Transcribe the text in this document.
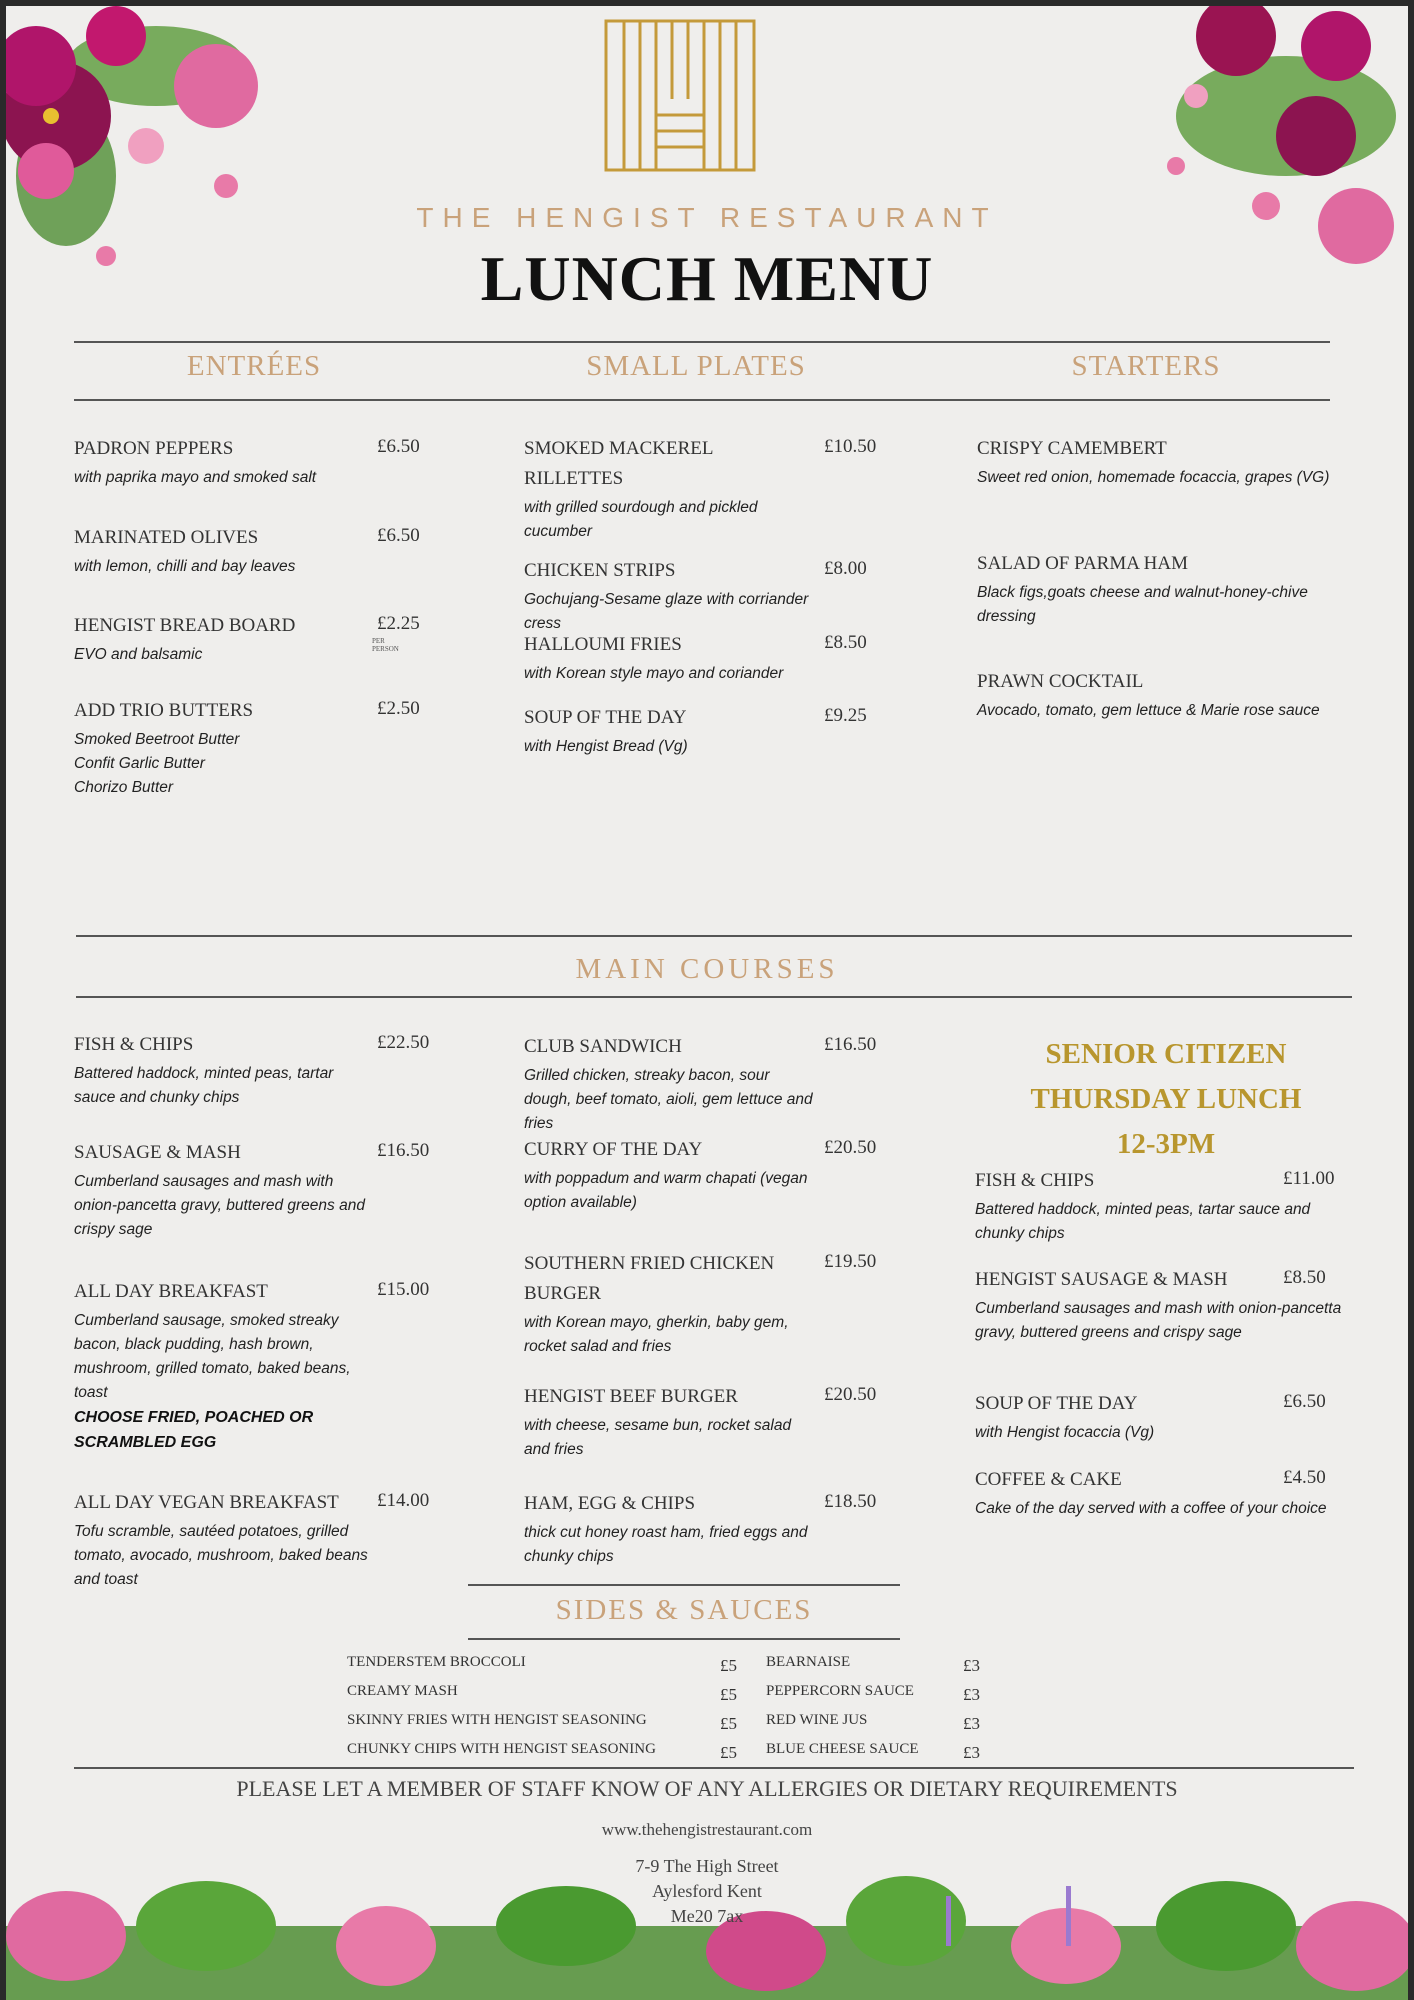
THE HENGIST RESTAURANT
LUNCH MENU
ENTRÉES	SMALL PLATES	STARTERS
PADRON PEPPERS	£6.50
with paprika mayo and smoked salt
MARINATED OLIVES	£6.50
with lemon, chilli and bay leaves
HENGIST BREAD BOARD	£2.25
PER PERSON
EVO and balsamic
ADD TRIO BUTTERS	£2.50
Smoked Beetroot Butter
Confit Garlic Butter
Chorizo Butter
SMOKED MACKEREL RILLETTES
£10.50
with grilled sourdough and pickled cucumber
CHICKEN STRIPS	£8.00
Gochujang-Sesame glaze with corriander cress
HALLOUMI FRIES	£8.50
with Korean style mayo and coriander
SOUP OF THE DAY	£9.25
with Hengist Bread (Vg)
CRISPY CAMEMBERT
Sweet red onion, homemade focaccia, grapes (VG)
SALAD OF PARMA HAM
Black figs,goats cheese and walnut-honey-chive dressing
PRAWN COCKTAIL
Avocado, tomato, gem lettuce & Marie rose sauce
MAIN COURSES
FISH & CHIPS	£22.50
Battered haddock, minted peas, tartar sauce and chunky chips
SAUSAGE & MASH	£16.50
Cumberland sausages and mash with onion-pancetta gravy, buttered greens and crispy sage
ALL DAY BREAKFAST	£15.00
Cumberland sausage, smoked streaky bacon, black pudding, hash brown, mushroom, grilled tomato, baked beans, toast
CHOOSE FRIED, POACHED OR SCRAMBLED EGG
ALL DAY VEGAN BREAKFAST	£14.00
Tofu scramble, sautéed potatoes, grilled tomato, avocado, mushroom, baked beans and toast
CLUB SANDWICH	£16.50
Grilled chicken, streaky bacon, sour dough, beef tomato, aioli, gem lettuce and fries
CURRY OF THE DAY	£20.50
with poppadum and warm chapati (vegan option available)
SOUTHERN FRIED CHICKEN BURGER
£19.50
with Korean mayo, gherkin, baby gem, rocket salad and fries
HENGIST BEEF BURGER	£20.50
with cheese, sesame bun, rocket salad and fries
HAM, EGG & CHIPS	£18.50
thick cut honey roast ham, fried eggs and chunky chips
SENIOR CITIZEN
THURSDAY LUNCH
12-3PM
FISH & CHIPS	£11.00
Battered haddock, minted peas, tartar sauce and chunky chips
HENGIST SAUSAGE & MASH	£8.50
Cumberland sausages and mash with onion-pancetta gravy, buttered greens and crispy sage
SOUP OF THE DAY	£6.50
with Hengist focaccia (Vg)
COFFEE & CAKE	£4.50
Cake of the day served with a coffee of your choice
SIDES & SAUCES
TENDERSTEM BROCCOLI	£5
CREAMY MASH	£5
SKINNY FRIES WITH HENGIST SEASONING	£5
CHUNKY CHIPS WITH HENGIST SEASONING	£5
BEARNAISE	£3
PEPPERCORN SAUCE	£3
RED WINE JUS	£3
BLUE CHEESE SAUCE	£3
PLEASE LET A MEMBER OF STAFF KNOW OF ANY ALLERGIES OR DIETARY REQUIREMENTS
www.thehengistrestaurant.com
7-9 The High Street
Aylesford Kent
Me20 7ax
